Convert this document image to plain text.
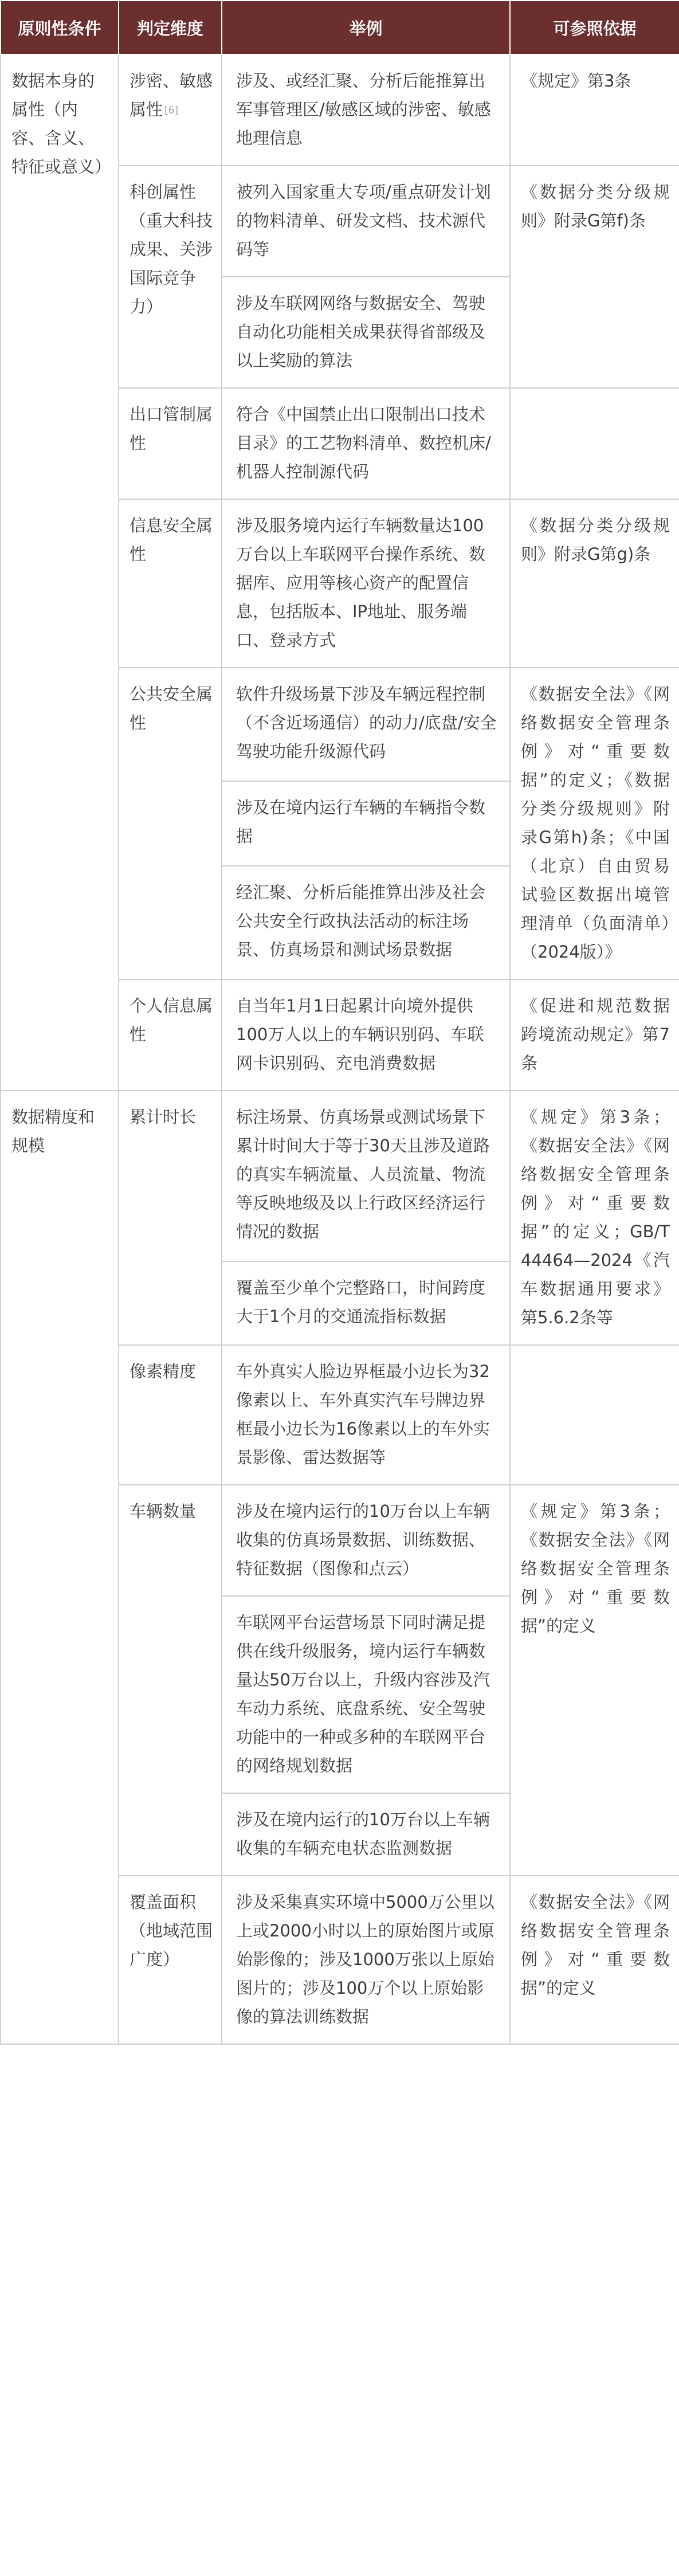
原则性条件	判定维度	举例	可参照依据
数据本身的属性（内容、含义、特征或意义）	涉密、敏感属性 [6]	涉及、或经汇聚、分析后能推算出军事管理区/敏感区域的涉密、敏感地理信息	《规定》第3条
	科创属性（重大科技成果、关涉国际竞争力）	被列入国家重大专项/重点研发计划的物料清单、研发文档、技术源代码等	《数据分类分级规则》附录G第f)条
		涉及车联网网络与数据安全、驾驶自动化功能相关成果获得省部级及以上奖励的算法	
	出口管制属性	符合《中国禁止出口限制出口技术目录》的工艺物料清单、数控机床/机器人控制源代码	
	信息安全属性	涉及服务境内运行车辆数量达100万台以上车联网平台操作系统、数据库、应用等核心资产的配置信息，包括版本、IP地址、服务端口、登录方式	《数据分类分级规则》附录G第g)条
	公共安全属性	软件升级场景下涉及车辆远程控制（不含近场通信）的动力/底盘/安全驾驶功能升级源代码	《数据安全法》《网络数据安全管理条例》对“重要数据”的定义；《数据分类分级规则》附录G第h)条；《中国（北京）自由贸易试验区数据出境管理清单（负面清单）（2024版）》
		涉及在境内运行车辆的车辆指令数据	
		经汇聚、分析后能推算出涉及社会公共安全行政执法活动的标注场景、仿真场景和测试场景数据	
	个人信息属性	自当年1月1日起累计向境外提供100万人以上的车辆识别码、车联网卡识别码、充电消费数据	《促进和规范数据跨境流动规定》第7条
数据精度和规模	累计时长	标注场景、仿真场景或测试场景下累计时间大于等于30天且涉及道路的真实车辆流量、人员流量、物流等反映地级及以上行政区经济运行情况的数据	《规定》第3条；《数据安全法》《网络数据安全管理条例》对“重要数据”的定义；GB/T 44464—2024《汽车数据通用要求》第5.6.2条等
		覆盖至少单个完整路口，时间跨度大于1个月的交通流指标数据	
	像素精度	车外真实人脸边界框最小边长为32像素以上、车外真实汽车号牌边界框最小边长为16像素以上的车外实景影像、雷达数据等	
	车辆数量	涉及在境内运行的10万台以上车辆收集的仿真场景数据、训练数据、特征数据（图像和点云）	《规定》第3条；《数据安全法》《网络数据安全管理条例》对“重要数据”的定义
		车联网平台运营场景下同时满足提供在线升级服务，境内运行车辆数量达50万台以上，升级内容涉及汽车动力系统、底盘系统、安全驾驶功能中的一种或多种的车联网平台的网络规划数据	
		涉及在境内运行的10万台以上车辆收集的车辆充电状态监测数据	
	覆盖面积（地域范围广度）	涉及采集真实环境中5000万公里以上或2000小时以上的原始图片或原始影像的；涉及1000万张以上原始图片的；涉及100万个以上原始影像的算法训练数据	《数据安全法》《网络数据安全管理条例》对“重要数据”的定义
